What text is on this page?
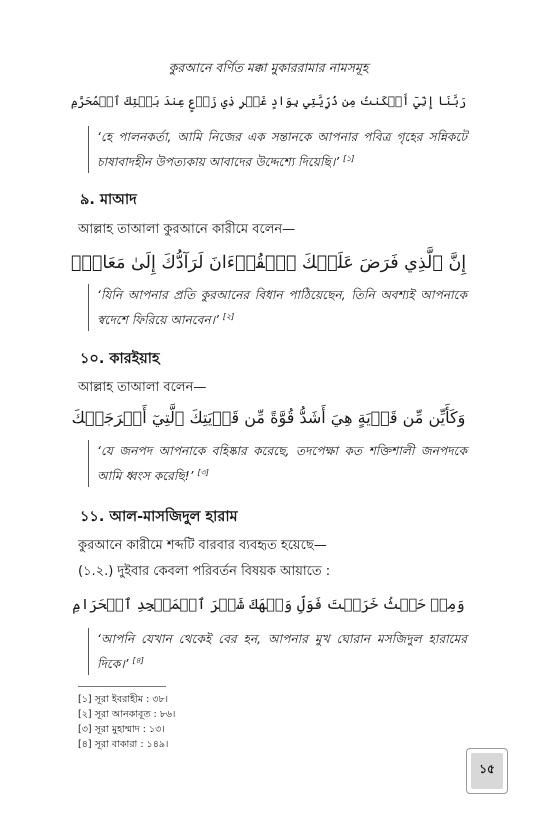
কুরআনে বর্ণিত মক্কা মুকাররামার নামসমূহ
رَبَّنَا إِنِّيٓ أَسۡكَنتُ مِن ذُرِّيَّتِي بِوَادٍ غَيۡرِ ذِي زَرۡعٍ عِندَ بَيۡتِكَ ٱلۡمُحَرَّمِ
‘হে পালনকর্তা, আমি নিজের এক সন্তানকে আপনার পবিত্র গৃহের সন্নিকটে চাষাবাদহীন উপত্যকায় আবাদের উদ্দেশ্যে দিয়েছি।’ [১]
৯. মাআদ
আল্লাহ তাআলা কুরআনে কারীমে বলেন—
إِنَّ ٱلَّذِي فَرَضَ عَلَيۡكَ ٱلۡقُرۡءَانَ لَرَآدُّكَ إِلَىٰ مَعَادٍۚ
‘যিনি আপনার প্রতি কুরআনের বিধান পাঠিয়েছেন, তিনি অবশ্যই আপনাকে স্বদেশে ফিরিয়ে আনবেন।’ [২]
১০. কারইয়াহ
আল্লাহ তাআলা বলেন—
وَكَأَيِّن مِّن قَرۡيَةٍ هِيَ أَشَدُّ قُوَّةً مِّن قَرۡيَتِكَ ٱلَّتِيٓ أَخۡرَجَتۡكَ
‘যে জনপদ আপনাকে বহিষ্কার করেছে, তদপেক্ষা কত শক্তিশালী জনপদকে আমি ধ্বংস করেছি!’ [৩]
১১. আল-মাসজিদুল হারাম
কুরআনে কারীমে শব্দটি বারবার ব্যবহৃত হয়েছে—
(১.২.) দুইবার কেবলা পরিবর্তন বিষয়ক আয়াতে :
وَمِنۡ حَيۡثُ خَرَجۡتَ فَوَلِّ وَجۡهَكَ شَطۡرَ ٱلۡمَسۡجِدِ ٱلۡحَرَامِ
‘আপনি যেখান থেকেই বের হন, আপনার মুখ ঘোরান মসজিদুল হারামের দিকে।’ [৪]
[১] সূরা ইবরাহীম : ৩৮।
[২] সূরা আনকাবূত : ৮৬।
[৩] সূরা মুহাম্মাদ : ১৩।
[৪] সূরা বাকারা : ১৪৯।
১৫
